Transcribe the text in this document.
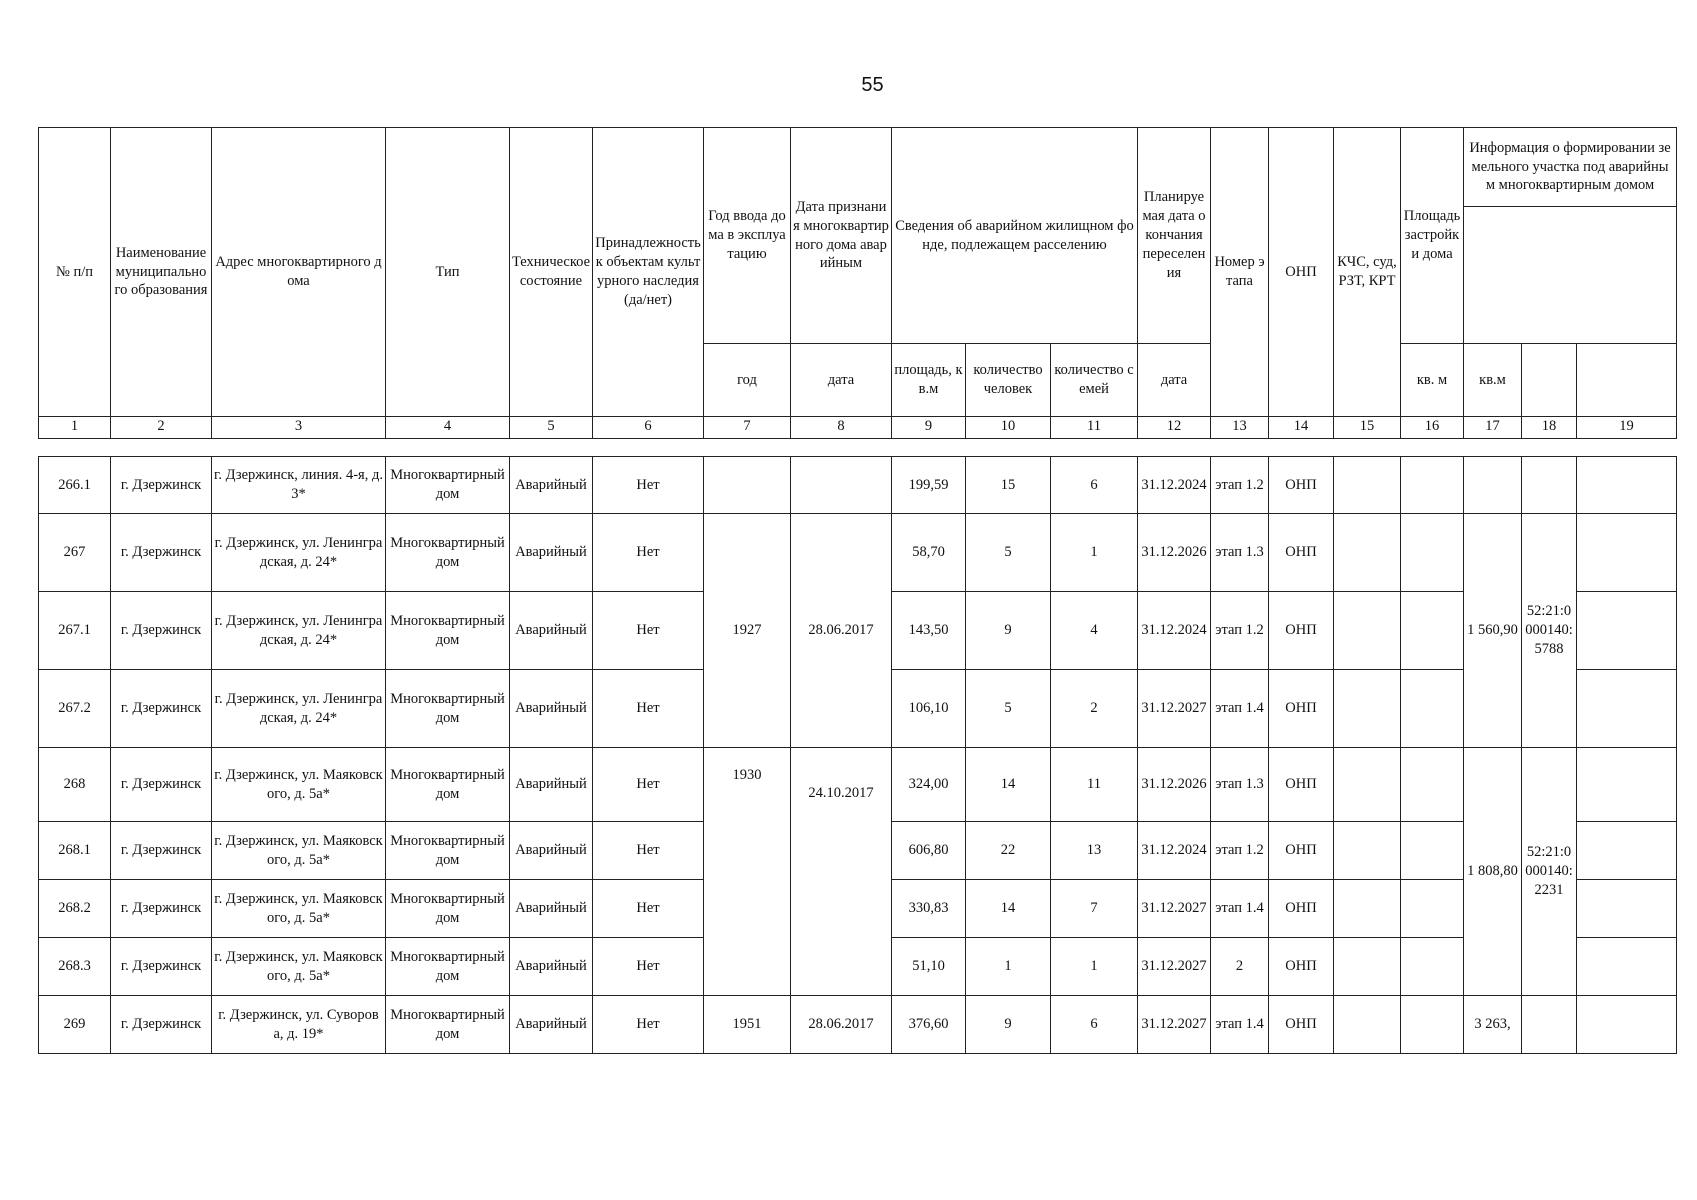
55
№ п/п	Наименование муниципального образования	Адрес многоквартирного дома	Тип	Техническое состояние	Принадлежность к объектам культурного наследия (да/нет)	Год ввода дома в эксплуатацию	Дата признания многоквартирного дома аварийным	Сведения об аварийном жилищном фонде, подлежащем расселению			Планируемая дата окончания переселения	Номер этапа	ОНП	КЧС, суд, РЗТ, КРТ	Площадь застройки дома	Информация о формировании земельного участка под аварийным многоквартирным домом		

						год	дата	площадь, кв.м	количество человек	количество семей	дата				кв. м	кв.м		
1	2	3	4	5	6	7	8	9	10	11	12	13	14	15	16	17	18	19

266.1	г. Дзержинск	г. Дзержинск, линия. 4-я, д. 3*	Многоквартирный дом	Аварийный	Нет			199,59	15	6	31.12.2024	этап 1.2	ОНП					
267	г. Дзержинск	г. Дзержинск, ул. Ленинградская, д. 24*	Многоквартирный дом	Аварийный	Нет	1927	28.06.2017	58,70	5	1	31.12.2026	этап 1.3	ОНП			1 560,90	52:21:0000140:5788	
267.1	г. Дзержинск	г. Дзержинск, ул. Ленинградская, д. 24*	Многоквартирный дом	Аварийный	Нет			143,50	9	4	31.12.2024	этап 1.2	ОНП					
267.2	г. Дзержинск	г. Дзержинск, ул. Ленинградская, д. 24*	Многоквартирный дом	Аварийный	Нет			106,10	5	2	31.12.2027	этап 1.4	ОНП					
268	г. Дзержинск	г. Дзержинск, ул. Маяковского, д. 5а*	Многоквартирный дом	Аварийный	Нет	1930	24.10.2017	324,00	14	11	31.12.2026	этап 1.3	ОНП			1 808,80	52:21:0000140:2231	
268.1	г. Дзержинск	г. Дзержинск, ул. Маяковского, д. 5а*	Многоквартирный дом	Аварийный	Нет			606,80	22	13	31.12.2024	этап 1.2	ОНП					
268.2	г. Дзержинск	г. Дзержинск, ул. Маяковского, д. 5а*	Многоквартирный дом	Аварийный	Нет			330,83	14	7	31.12.2027	этап 1.4	ОНП					
268.3	г. Дзержинск	г. Дзержинск, ул. Маяковского, д. 5а*	Многоквартирный дом	Аварийный	Нет			51,10	1	1	31.12.2027	2	ОНП					
269	г. Дзержинск	г. Дзержинск, ул. Суворова, д. 19*	Многоквартирный дом	Аварийный	Нет	1951	28.06.2017	376,60	9	6	31.12.2027	этап 1.4	ОНП			3 263,		
